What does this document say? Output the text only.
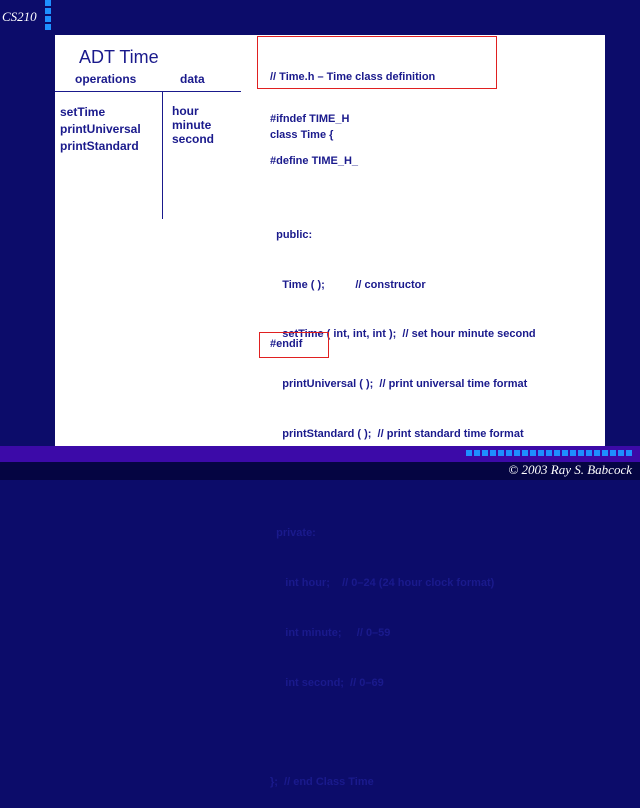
CS210
ADT Time
operations	data
setTime
printUniversal
printStandard
hour
minute
second

// Time.h – Time class definition

#ifndef TIME_H

#define TIME_H_

class Time {

public:

Time ( );          // constructor

setTime ( int, int, int );  // set hour minute second

printUniversal ( );  // print universal time format

printStandard ( );  // print standard time format

private:

int hour;    // 0–24 (24 hour clock format)

int minute;     // 0–59

int second;  // 0–69

};  // end Class Time

#endif
© 2003 Ray S. Babcock
